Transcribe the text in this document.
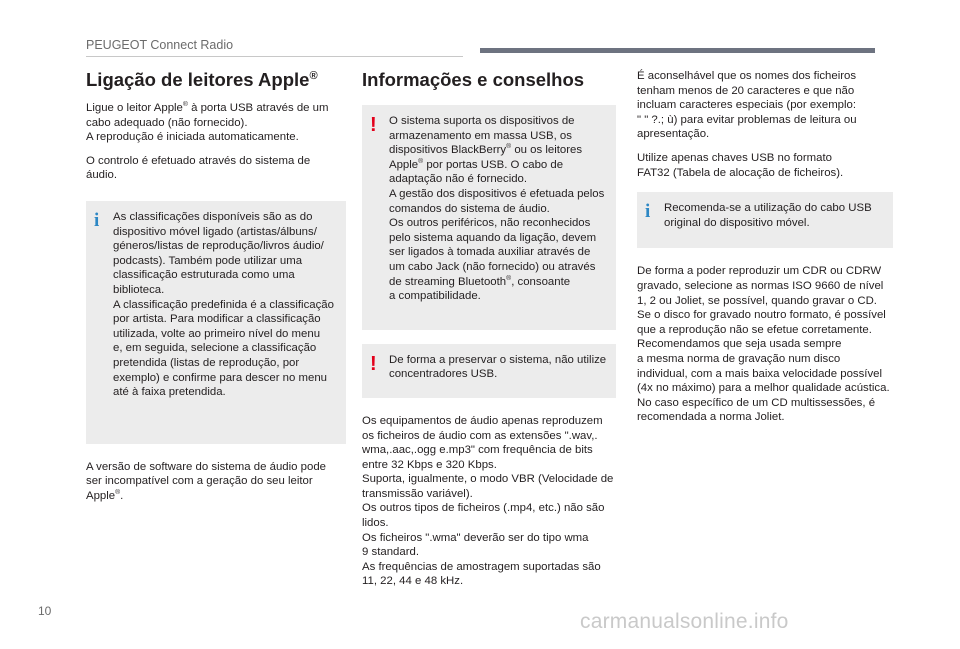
PEUGEOT Connect Radio
Ligação de leitores Apple®

Ligue o leitor Apple® à porta USB através de um
cabo adequado (não fornecido).
A reprodução é iniciada automaticamente.

O controlo é efetuado através do sistema de
áudio.

i As classificações disponíveis são as do
dispositivo móvel ligado (artistas/álbuns/
géneros/listas de reprodução/livros áudio/
podcasts). Também pode utilizar uma
classificação estruturada como uma
biblioteca.
A classificação predefinida é a classificação
por artista. Para modificar a classificação
utilizada, volte ao primeiro nível do menu
e, em seguida, selecione a classificação
pretendida (listas de reprodução, por
exemplo) e confirme para descer no menu
até à faixa pretendida.

A versão de software do sistema de áudio pode
ser incompatível com a geração do seu leitor
Apple®.

Informações e conselhos
! O sistema suporta os dispositivos de
armazenamento em massa USB, os
dispositivos BlackBerry® ou os leitores
Apple® por portas USB. O cabo de
adaptação não é fornecido.
A gestão dos dispositivos é efetuada pelos
comandos do sistema de áudio.
Os outros periféricos, não reconhecidos
pelo sistema aquando da ligação, devem
ser ligados à tomada auxiliar através de
um cabo Jack (não fornecido) ou através
de streaming Bluetooth®, consoante
a compatibilidade.

! De forma a preservar o sistema, não utilize
concentradores USB.

Os equipamentos de áudio apenas reproduzem
os ficheiros de áudio com as extensões ".wav,.
wma,.aac,.ogg e.mp3" com frequência de bits
entre 32 Kbps e 320 Kbps.
Suporta, igualmente, o modo VBR (Velocidade de
transmissão variável).
Os outros tipos de ficheiros (.mp4, etc.) não são
lidos.
Os ficheiros ".wma" deverão ser do tipo wma
9 standard.
As frequências de amostragem suportadas são
11, 22, 44 e 48 kHz.

É aconselhável que os nomes dos ficheiros
tenham menos de 20 caracteres e que não
incluam caracteres especiais (por exemplo:
" " ?.; ù) para evitar problemas de leitura ou
apresentação.

Utilize apenas chaves USB no formato
FAT32 (Tabela de alocação de ficheiros).

i Recomenda-se a utilização do cabo USB
original do dispositivo móvel.

De forma a poder reproduzir um CDR ou CDRW
gravado, selecione as normas ISO 9660 de nível
1, 2 ou Joliet, se possível, quando gravar o CD.
Se o disco for gravado noutro formato, é possível
que a reprodução não se efetue corretamente.
Recomendamos que seja usada sempre
a mesma norma de gravação num disco
individual, com a mais baixa velocidade possível
(4x no máximo) para a melhor qualidade acústica.
No caso específico de um CD multissessões, é
recomendada a norma Joliet.

10	carmanualsonline.info
